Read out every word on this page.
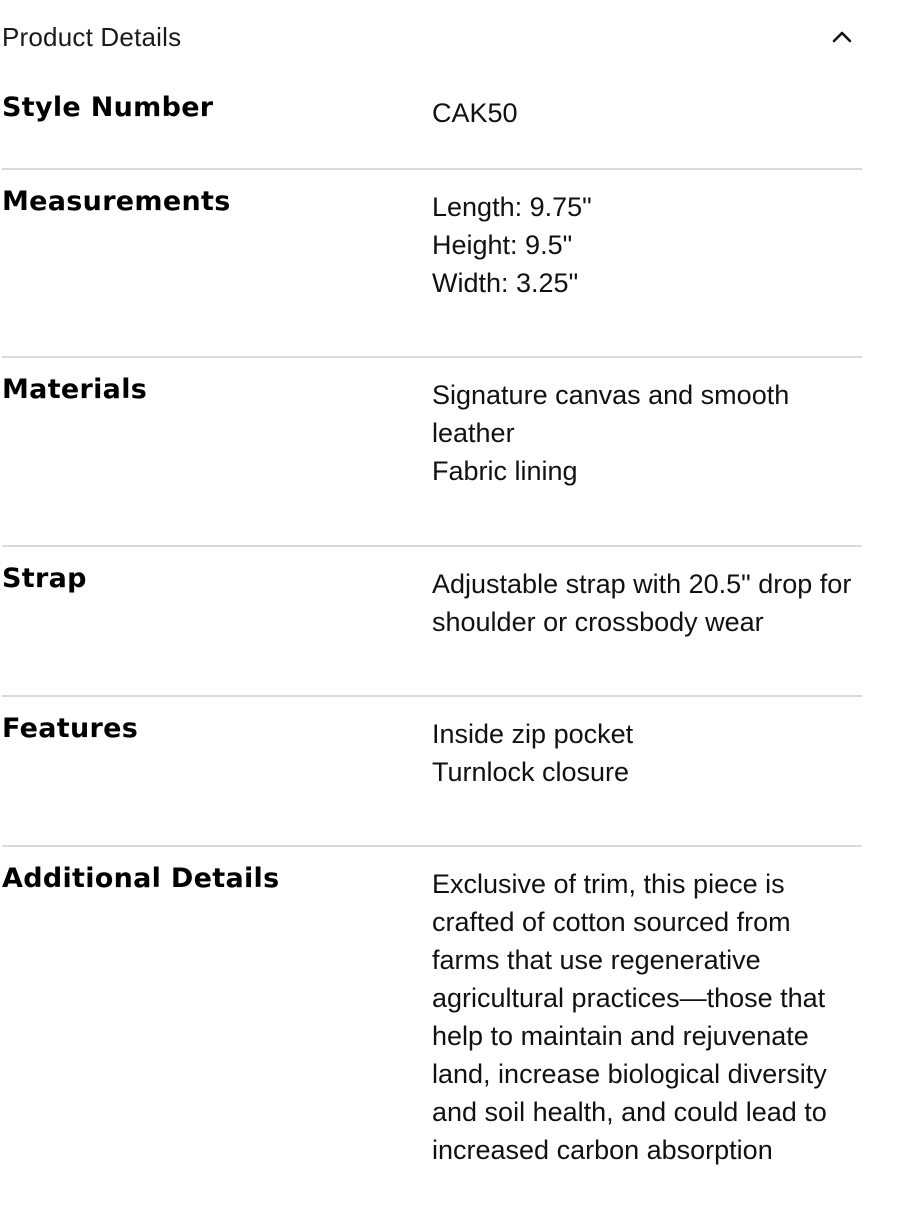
Product Details
Style Number	CAK50
Measurements	Length: 9.75"
Height: 9.5"
Width: 3.25"
Materials	Signature canvas and smooth leather
Fabric lining
Strap	Adjustable strap with 20.5" drop for shoulder or crossbody wear
Features	Inside zip pocket
Turnlock closure
Additional Details	Exclusive of trim, this piece is crafted of cotton sourced from farms that use regenerative agricultural practices—those that help to maintain and rejuvenate land, increase biological diversity and soil health, and could lead to increased carbon absorption
